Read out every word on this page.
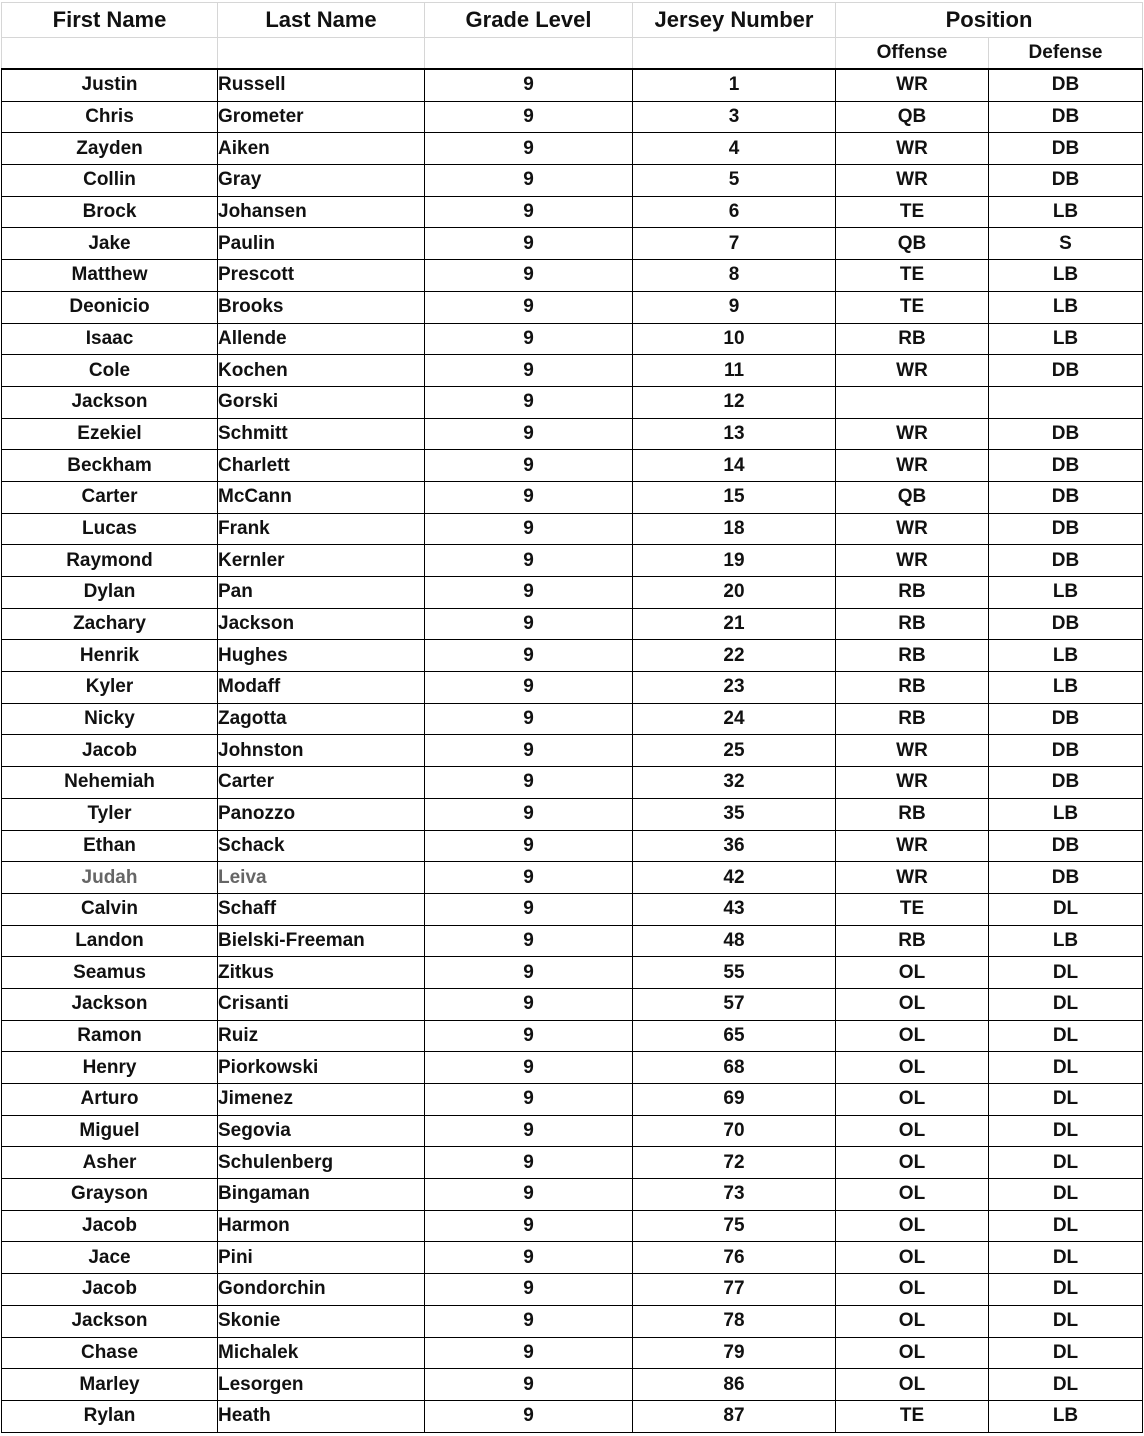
First Name	Last Name	Grade Level	Jersey Number	Position	
				Offense	Defense
Justin	Russell	9	1	WR	DB
Chris	Grometer	9	3	QB	DB
Zayden	Aiken	9	4	WR	DB
Collin	Gray	9	5	WR	DB
Brock	Johansen	9	6	TE	LB
Jake	Paulin	9	7	QB	S
Matthew	Prescott	9	8	TE	LB
Deonicio	Brooks	9	9	TE	LB
Isaac	Allende	9	10	RB	LB
Cole	Kochen	9	11	WR	DB
Jackson	Gorski	9	12		
Ezekiel	Schmitt	9	13	WR	DB
Beckham	Charlett	9	14	WR	DB
Carter	McCann	9	15	QB	DB
Lucas	Frank	9	18	WR	DB
Raymond	Kernler	9	19	WR	DB
Dylan	Pan	9	20	RB	LB
Zachary	Jackson	9	21	RB	DB
Henrik	Hughes	9	22	RB	LB
Kyler	Modaff	9	23	RB	LB
Nicky	Zagotta	9	24	RB	DB
Jacob	Johnston	9	25	WR	DB
Nehemiah	Carter	9	32	WR	DB
Tyler	Panozzo	9	35	RB	LB
Ethan	Schack	9	36	WR	DB
Judah	Leiva	9	42	WR	DB
Calvin	Schaff	9	43	TE	DL
Landon	Bielski-Freeman	9	48	RB	LB
Seamus	Zitkus	9	55	OL	DL
Jackson	Crisanti	9	57	OL	DL
Ramon	Ruiz	9	65	OL	DL
Henry	Piorkowski	9	68	OL	DL
Arturo	Jimenez	9	69	OL	DL
Miguel	Segovia	9	70	OL	DL
Asher	Schulenberg	9	72	OL	DL
Grayson	Bingaman	9	73	OL	DL
Jacob	Harmon	9	75	OL	DL
Jace	Pini	9	76	OL	DL
Jacob	Gondorchin	9	77	OL	DL
Jackson	Skonie	9	78	OL	DL
Chase	Michalek	9	79	OL	DL
Marley	Lesorgen	9	86	OL	DL
Rylan	Heath	9	87	TE	LB
